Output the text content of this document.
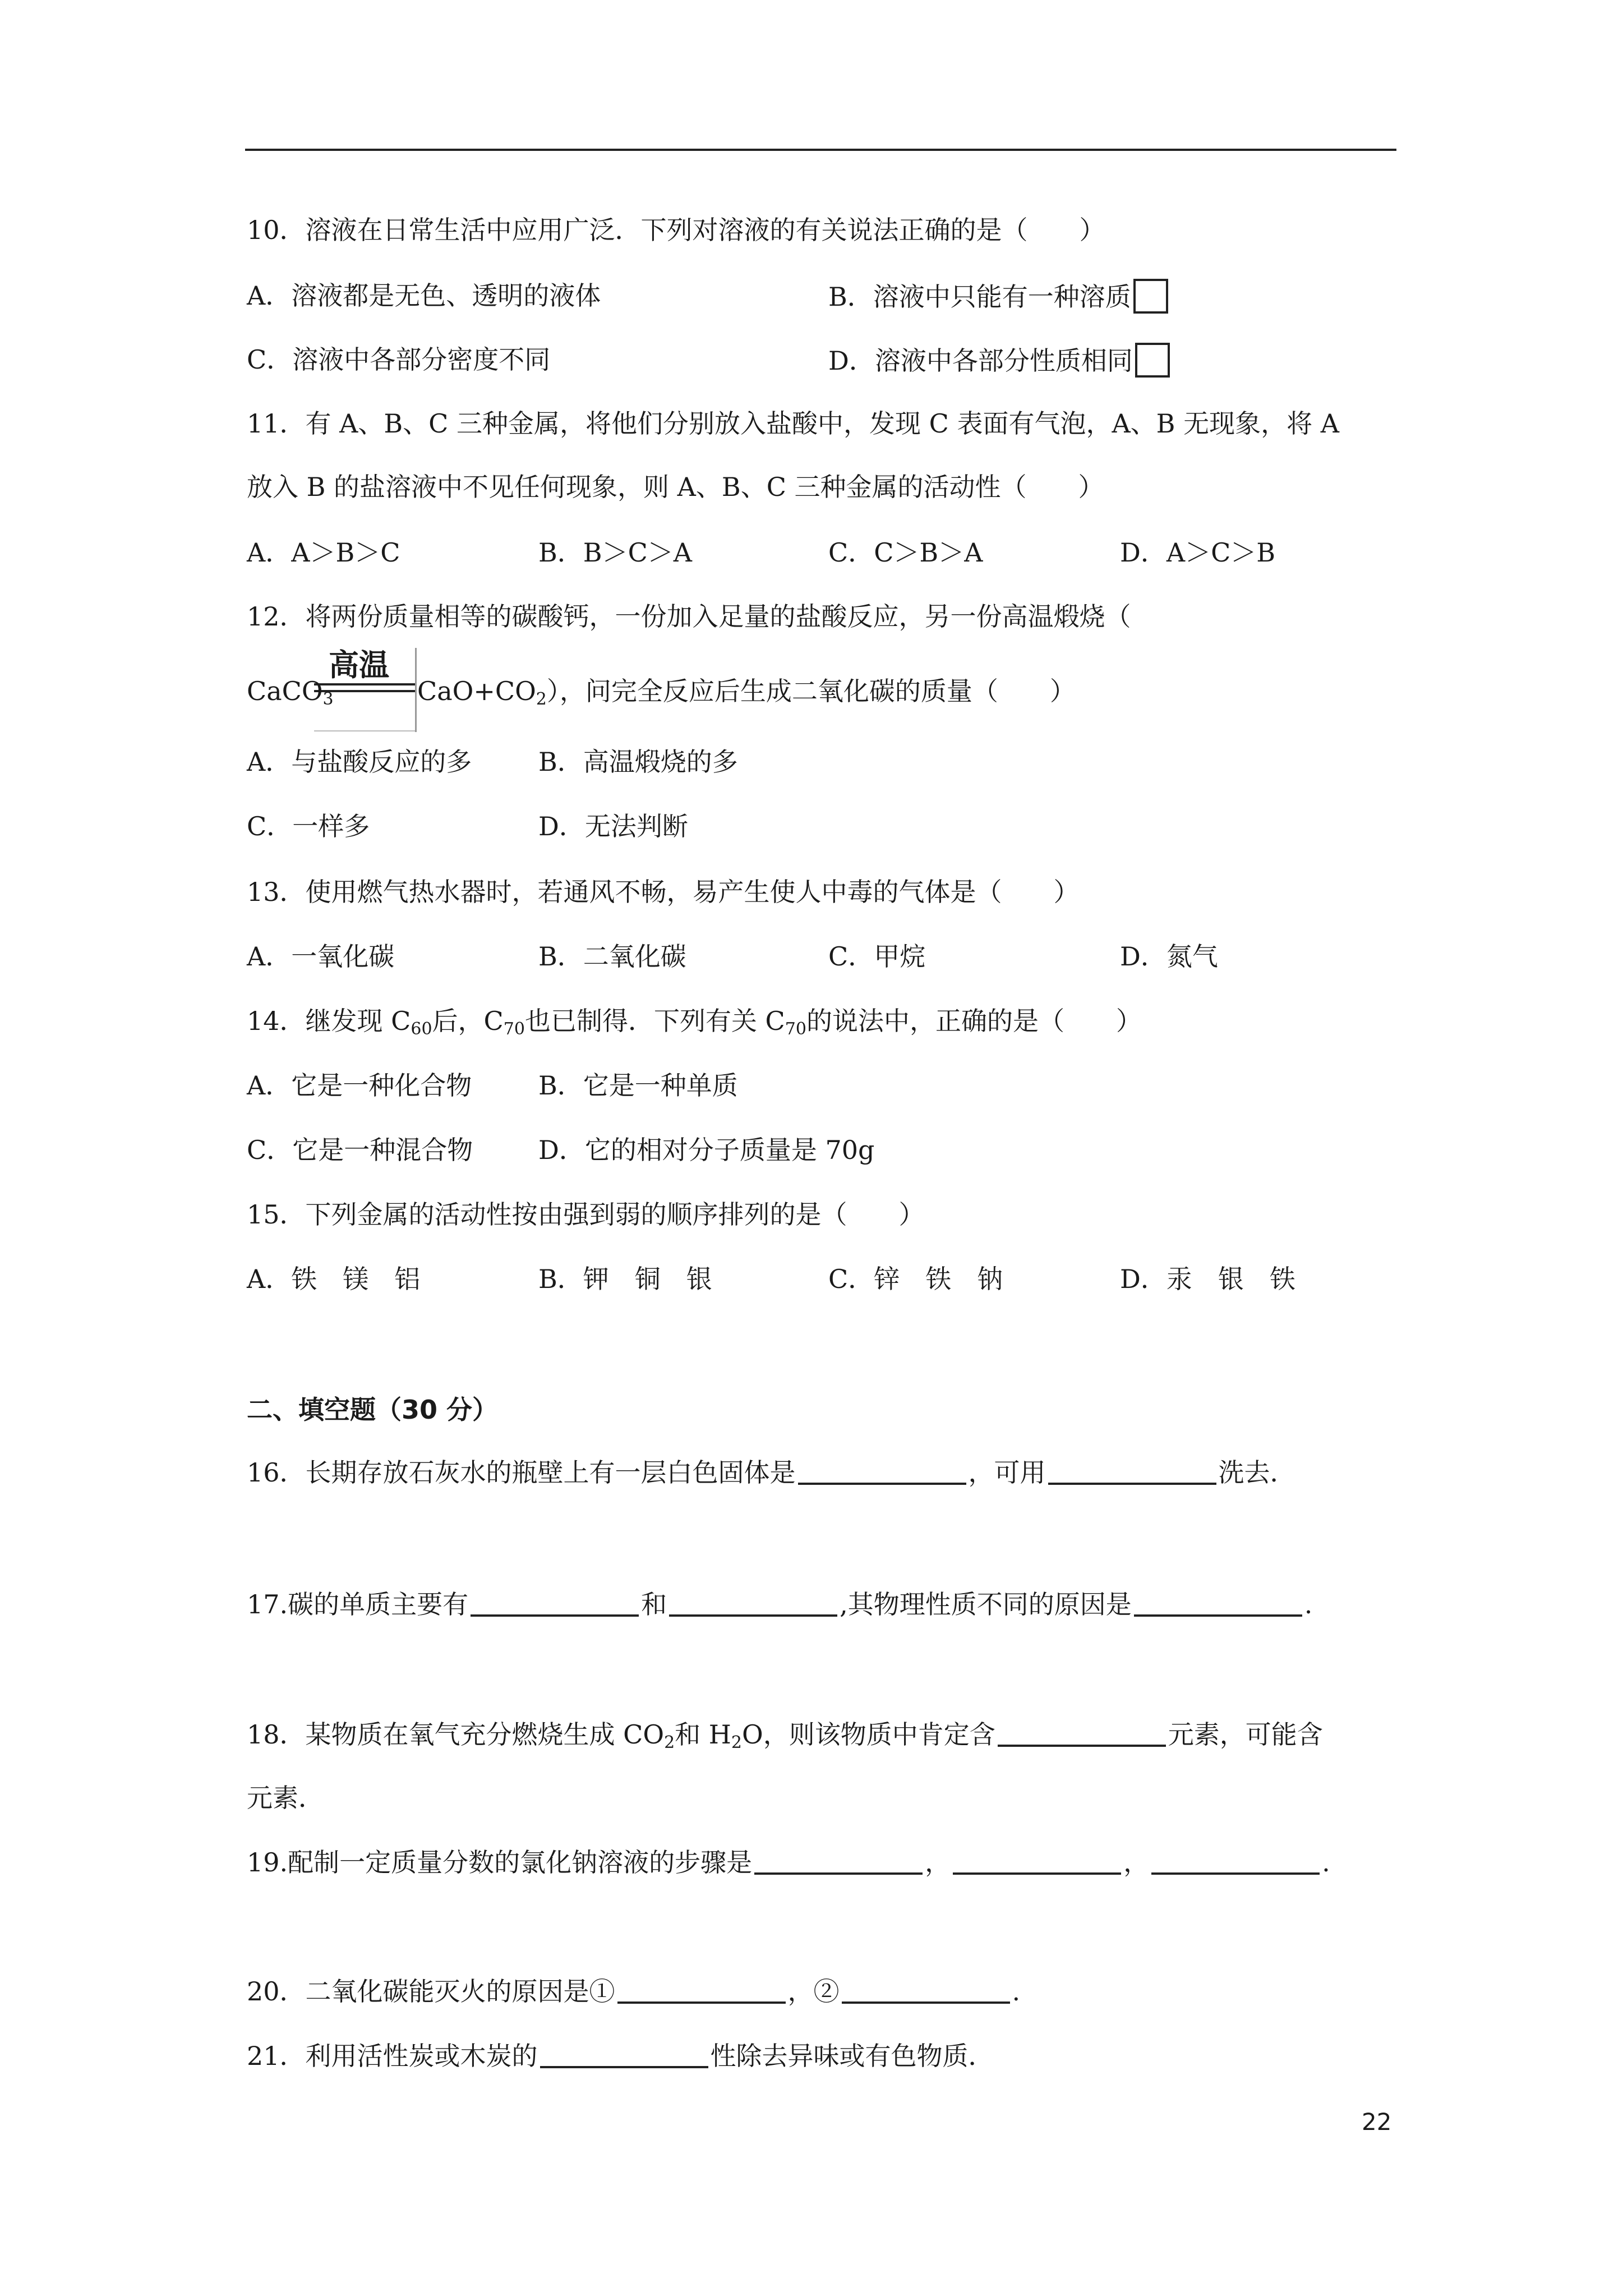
10．溶液在日常生活中应用广泛．下列对溶液的有关说法正确的是（　　）
A．溶液都是无色、透明的液体	B．溶液中只能有一种溶质
C．溶液中各部分密度不同	D．溶液中各部分性质相同
11．有 A、B、C 三种金属，将他们分别放入盐酸中，发现 C 表面有气泡，A、B 无现象，将 A
放入 B 的盐溶液中不见任何现象，则 A、B、C 三种金属的活动性（　　）
A．A＞B＞C	B．B＞C＞A	C．C＞B＞A	D．A＞C＞B
12．将两份质量相等的碳酸钙，一份加入足量的盐酸反应，另一份高温煅烧（
高温
CaCO$_3$	$CaO+CO_2$），问完全反应后生成二氧化碳的质量（　　）
A．与盐酸反应的多	B．高温煅烧的多
C．一样多	D．无法判断
13．使用燃气热水器时，若通风不畅，易产生使人中毒的气体是（　　）
A．一氧化碳	B．二氧化碳	C．甲烷	D．氮气
14．继发现 $C_{60}$后，$C_{70}$也已制得．下列有关 $C_{70}$的说法中，正确的是（　　）
A．它是一种化合物	B．它是一种单质
C．它是一种混合物	D．它的相对分子质量是 70g
15．下列金属的活动性按由强到弱的顺序排列的是（　　）
A．铁　镁　铝	B．钾　铜　银	C．锌　铁　钠	D．汞　银　铁
二、填空题（30 分）
16．长期存放石灰水的瓶壁上有一层白色固体是	，可用	洗去．
17.碳的单质主要有	和	,其物理性质不同的原因是	.
18．某物质在氧气充分燃烧生成 $CO_2$和 $H_2O$，则该物质中肯定含	元素，可能含
元素．
19.配制一定质量分数的氯化钠溶液的步骤是	，	，	.
20．二氧化碳能灭火的原因是①	，②	.
21．利用活性炭或木炭的	性除去异味或有色物质．
22
